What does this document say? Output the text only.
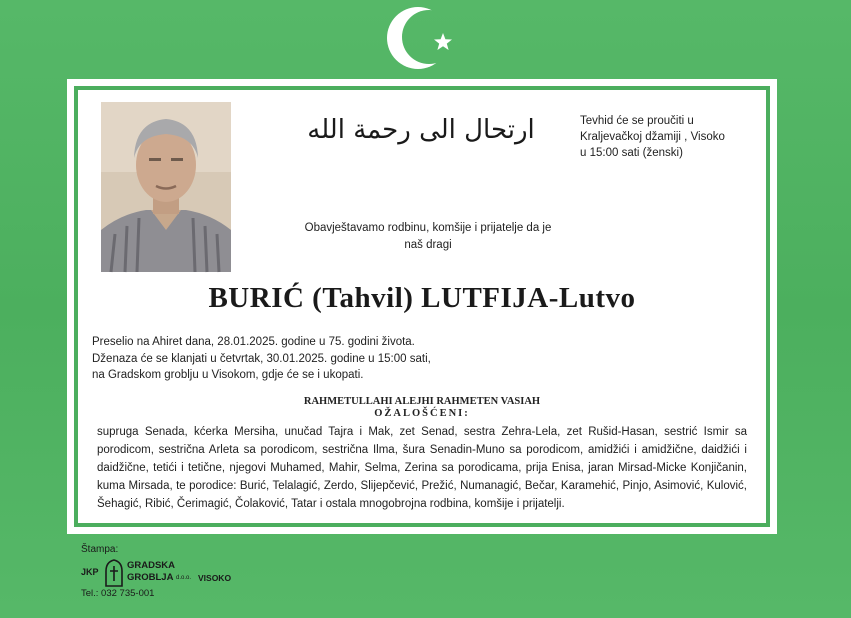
ارتحال الى رحمة الله	Tevhid će se proučiti u
Kraljevačkoj džamiji , Visoko
u 15:00 sati (ženski)
Obavještavamo rodbinu, komšije i prijatelje da je
naš dragi
BURIĆ (Tahvil) LUTFIJA-Lutvo
Preselio na Ahiret dana, 28.01.2025. godine u 75. godini života.
Dženaza će se klanjati u četvrtak, 30.01.2025. godine u 15:00 sati,
na Gradskom groblju u Visokom, gdje će se i ukopati.
RAHMETULLAHI ALEJHI RAHMETEN VASIAH
OŽALOŠĆENI:
supruga Senada, kćerka Mersiha, unučad Tajra i Mak, zet Senad, sestra Zehra-Lela, zet Rušid-Hasan, sestrić Ismir sa porodicom, sestrična Arleta sa porodicom, sestrična Ilma, šura Senadin-Muno sa porodicom, amidžići i amidžične, daidžići i daidžične, tetići i tetične, njegovi Muhamed, Mahir, Selma, Zerina sa porodicama, prija Enisa, jaran Mirsad-Micke Konjičanin, kuma Mirsada, te porodice: Burić, Telalagić, Zerdo, Slijepčević, Prežić, Numanagić, Bečar, Karamehić, Pinjo, Asimović, Kulović, Šehagić, Ribić, Čerimagić, Čolaković, Tatar i ostala mnogobrojna rodbina, komšije i prijatelji.
Štampa:
JKP
GRADSKA
GROBLJA d.o.o. VISOKO
Tel.: 032 735-001
